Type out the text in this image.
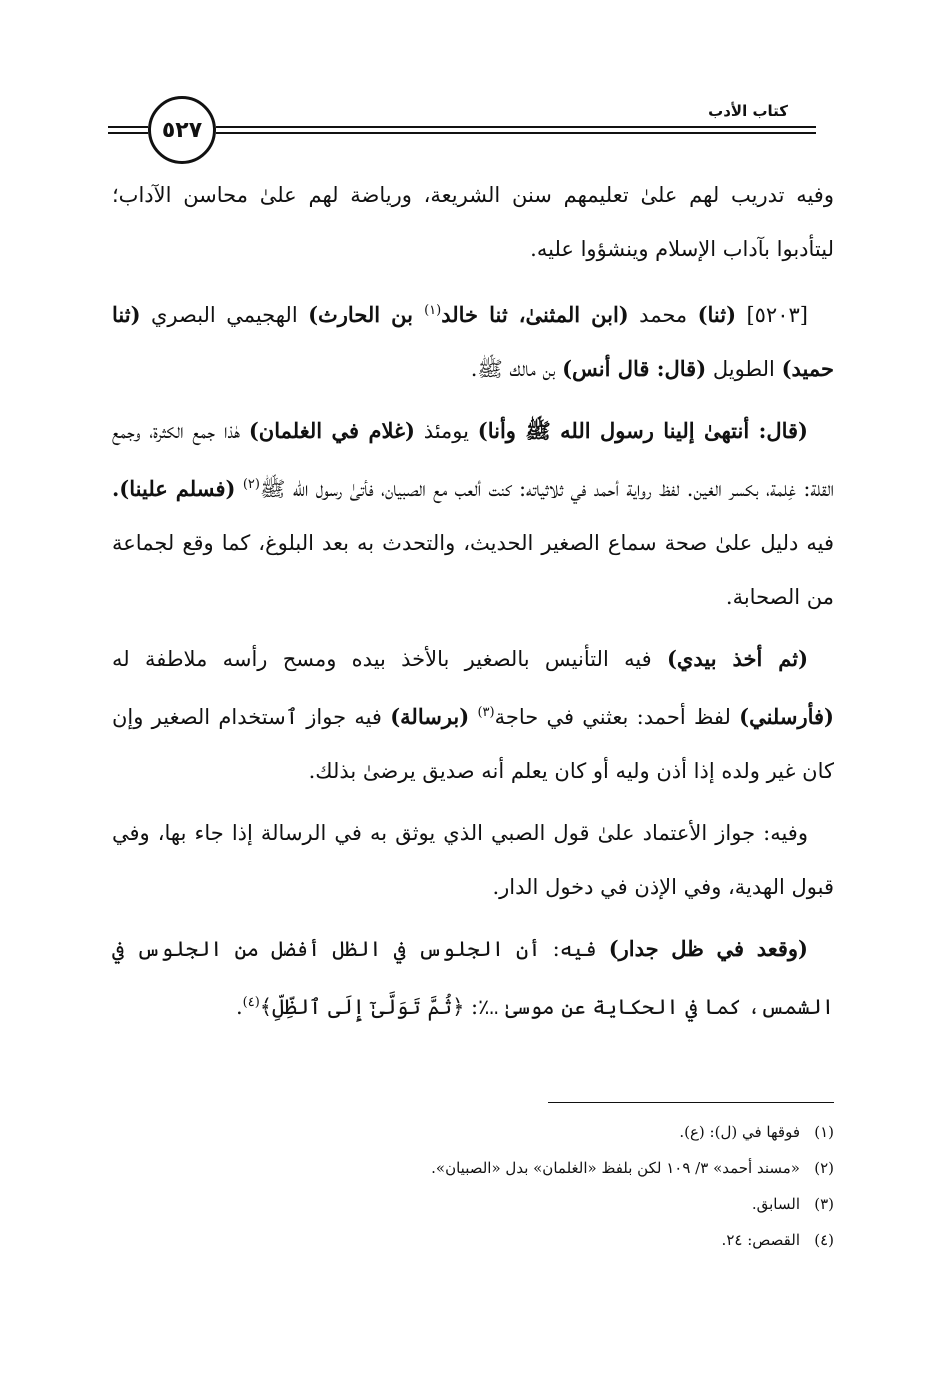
٥٢٧
كتاب الأدب

وفيه تدريب لهم علىٰ تعليمهم سنن الشريعة، ورياضة لهم علىٰ محاسن الآداب؛ ليتأدبوا بآداب الإسلام وينشؤوا عليه.

[٥٢٠٣] (ثنا) محمد (ابن المثنىٰ، ثنا خالد$^{(١)}$ بن الحارث) الهجيمي البصري (ثنا حميد) الطويل (قال: قال أنس) بن مالك ﷺ.

(قال: أنتهىٰ إلينا رسول الله ﷺ وأنا) يومئذ (غلام في الغلمان) هٰذا جمع الكثرة، وجمع القلة: غِلمة، بكسر الغين. لفظ رواية أحمد في ثلاثياته: كنت ألعب مع الصبيان، فأتىٰ رسول الله ﷺ$^{(٢)}$ (فسلم علينا). فيه دليل علىٰ صحة سماع الصغير الحديث، والتحدث به بعد البلوغ، كما وقع لجماعة من الصحابة.

(ثم أخذ بيدي) فيه التأنيس بالصغير بالأخذ بيده ومسح رأسه ملاطفة له (فأرسلني) لفظ أحمد: بعثني في حاجة$^{(٣)}$ (برسالة) فيه جواز ٱستخدام الصغير وإن كان غير ولده إذا أذن وليه أو كان يعلم أنه صديق يرضىٰ بذلك.

وفيه: جواز الأعتماد علىٰ قول الصبي الذي يوثق به في الرسالة إذا جاء بها، وفي قبول الهدية، وفي الإذن في دخول الدار.

(وقعد في ظل جدار) فيه: أن الجلوس في الظل أفضل من الجلوس في الشمس، كما في الحكاية عن موسىٰ ؊: ﴿ثُمَّ تَوَلَّىٰٓ إِلَى ٱلظِّلِّ﴾$^{(٤)}$.

(١)فوقها في (ل): (ع).
(٢)«مسند أحمد» ٣/ ١٠٩ لكن بلفظ «الغلمان» بدل «الصبيان».
(٣)السابق.
(٤)القصص: ٢٤.
